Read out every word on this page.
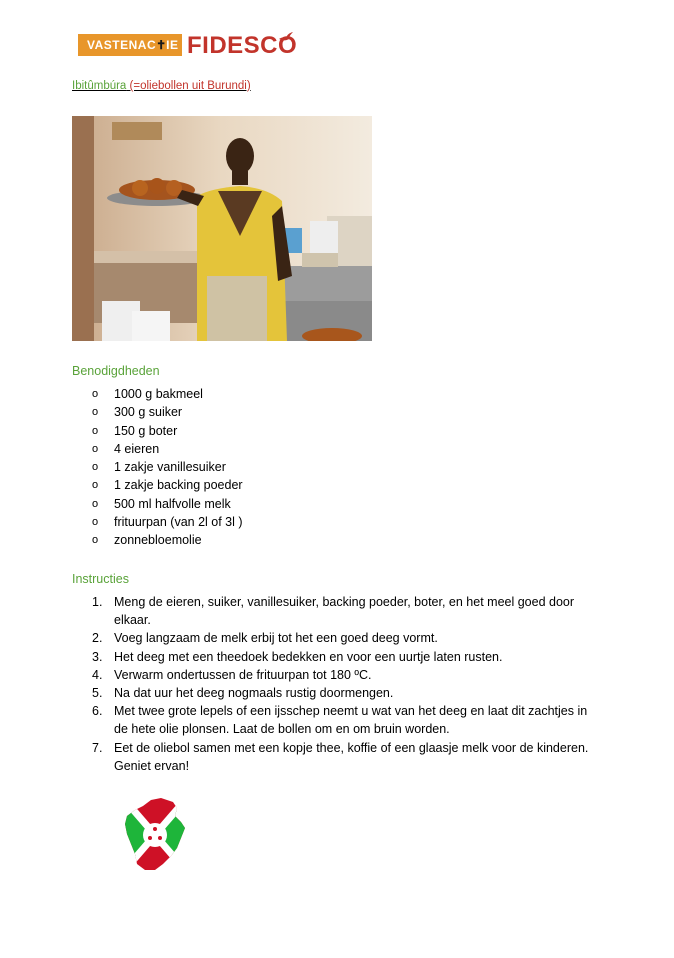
VASTENAC✝IE FIDESCO
Ibitûmbúra (=oliebollen uit Burundi)
Benodigdheden
o 1000 g bakmeel
o 300 g suiker
o 150 g boter
o 4 eieren
o 1 zakje vanillesuiker
o 1 zakje backing poeder
o 500 ml halfvolle melk
o frituurpan (van 2l of 3l )
o zonnebloemolie
Instructies
1. Meng de eieren, suiker, vanillesuiker, backing poeder, boter, en het meel goed door elkaar.
2. Voeg langzaam de melk erbij tot het een goed deeg vormt.
3. Het deeg met een theedoek bedekken en voor een uurtje laten rusten.
4. Verwarm ondertussen de frituurpan tot 180 ºC.
5. Na dat uur het deeg nogmaals rustig doormengen.
6. Met twee grote lepels of een ijsschep neemt u wat van het deeg en laat dit zachtjes in de hete olie plonsen. Laat de bollen om en om bruin worden.
7. Eet de oliebol samen met een kopje thee, koffie of een glaasje melk voor de kinderen. Geniet ervan!
